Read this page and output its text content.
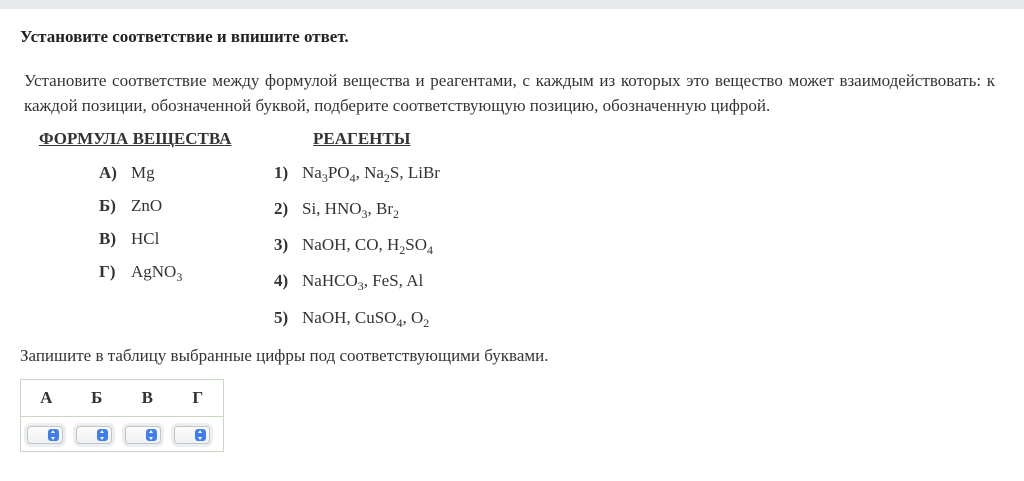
Установите соответствие и впишите ответ.
Установите соответствие между формулой вещества и реагентами, с каждым из которых это вещество может взаимодействовать: к каждой позиции, обозначенной буквой, подберите соответствующую позицию, обозначенную цифрой.
ФОРМУЛА ВЕЩЕСТВА	РЕАГЕНТЫ
А) Mg
Б) ZnO
В) HCl
Г) AgNO$_3$
1) $Na_3PO_4$, $Na_2S$, LiBr
2) Si, $HNO_3$, $Br_2$
3) NaOH, CO, $H_2SO_4$
4) NaHCO$_3$, FeS, Al
5) NaOH, CuSO$_4$, $O_2$
Запишите в таблицу выбранные цифры под соответствующими буквами.
А	Б	В	Г
